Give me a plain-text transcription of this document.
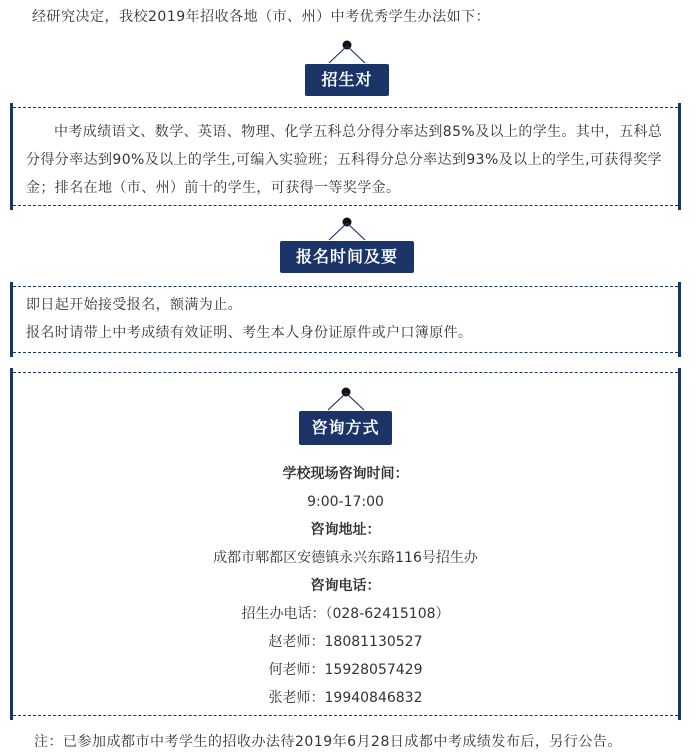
经研究决定，我校2019年招收各地（市、州）中考优秀学生办法如下：

招生对象

中考成绩语文、数学、英语、物理、化学五科总分得分率达到85%及以上的学生。其中，五科总分得分率达到90%及以上的学生,可编入实验班；五科得分总分率达到93%及以上的学生,可获得奖学金；排名在地（市、州）前十的学生，可获得一等奖学金。

报名时间及要求
即日起开始接受报名，额满为止。
报名时请带上中考成绩有效证明、考生本人身份证原件或户口簿原件。
咨询方式
学校现场咨询时间：
9:00-17:00
咨询地址：
成都市郫都区安德镇永兴东路116号招生办
咨询电话：
招生办电话：（028-62415108）
赵老师：18081130527
何老师：15928057429
张老师：19940846832

注：已参加成都市中考学生的招收办法待2019年6月28日成都中考成绩发布后，另行公告。
